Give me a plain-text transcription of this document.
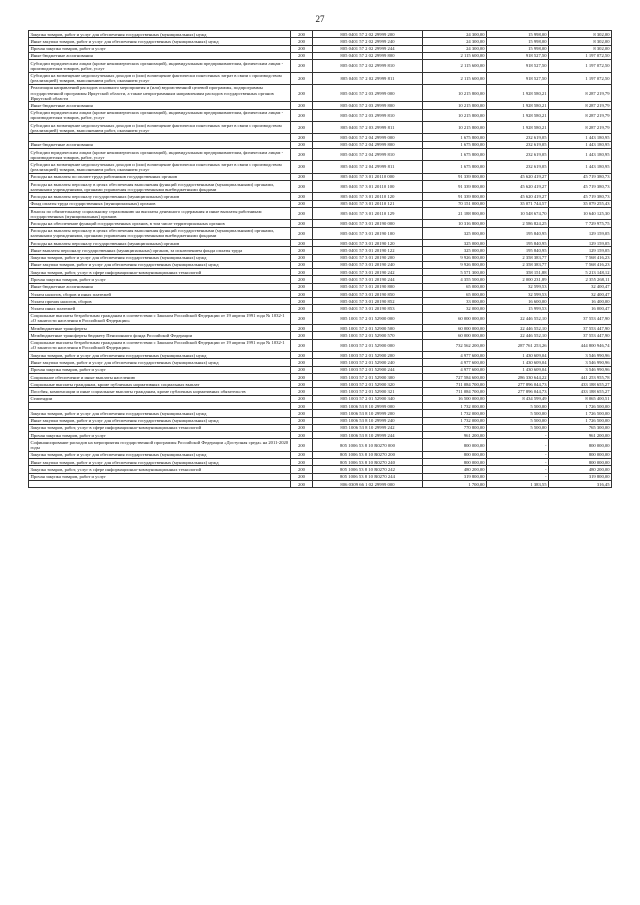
27
Закупка товаров, работ и услуг для обеспечения государственных (муниципальных) нужд	200	805 0401 57 2 02 29999 200	24 300,00	15 998,00	8 302,00
Иные закупки товаров, работ и услуг для обеспечения государственных (муниципальных) нужд	200	805 0401 57 2 02 29999 240	24 300,00	15 998,00	8 302,00
Прочая закупка товаров, работ и услуг	200	805 0401 57 2 02 29999 244	24 300,00	15 998,00	8 302,00
Иные бюджетные ассигнования	200	805 0401 57 2 02 29999 800	2 115 600,00	918 527,50	1 197 072,50
Субсидии юридическим лицам (кроме некоммерческих организаций), индивидуальным предпринимателям, физическим лицам - производителям товаров, работ, услуг	200	805 0401 57 2 02 29999 810	2 115 600,00	918 527,50	1 197 072,50
Субсидии на возмещение недополученных доходов и (или) возмещение фактически понесенных затрат в связи с производством (реализацией) товаров, выполнением работ, оказанием услуг	200	805 0401 57 2 02 29999 811	2 115 600,00	918 527,50	1 197 072,50
Реализация направлений расходов основного мероприятия и (или) ведомственной целевой программы, подпрограммы государственной программы Иркутской области, а также непрограммным направлениям расходов государственных органов Иркутской области	200	805 0401 57 2 03 29999 000	10 215 800,00	1 928 580,21	8 287 219,79
Иные бюджетные ассигнования	200	805 0401 57 2 03 29999 800	10 215 800,00	1 928 580,21	8 287 219,79
Субсидии юридическим лицам (кроме некоммерческих организаций), индивидуальным предпринимателям, физическим лицам - производителям товаров, работ, услуг	200	805 0401 57 2 03 29999 810	10 215 800,00	1 928 580,21	8 287 219,79
Субсидии на возмещение недополученных доходов и (или) возмещение фактически понесенных затрат в связи с производством (реализацией) товаров, выполнением работ, оказанием услуг	200	805 0401 57 2 03 29999 811	10 215 800,00	1 928 580,21	8 287 219,79
	200	805 0401 57 2 04 29999 000	1 675 800,00	232 619,05	1 443 180,95
Иные бюджетные ассигнования	200	805 0401 57 2 04 29999 800	1 675 800,00	232 619,05	1 443 180,95
Субсидии юридическим лицам (кроме некоммерческих организаций), индивидуальным предпринимателям, физическим лицам - производителям товаров, работ, услуг	200	805 0401 57 2 04 29999 810	1 675 800,00	232 619,05	1 443 180,95
Субсидии на возмещение недополученных доходов и (или) возмещение фактически понесенных затрат в связи с производством (реализацией) товаров, выполнением работ, оказанием услуг	200	805 0401 57 2 04 29999 811	1 675 800,00	232 619,05	1 443 180,95
Расходы на выплаты по оплате труда работников государственных органов	200	805 0401 57 3 01 20110 000	91 339 800,00	45 620 419,27	45 719 380,73
Расходы на выплаты персоналу в целях обеспечения выполнения функций государственными (муниципальными) органами, казенными учреждениями, органами управления государственными внебюджетными фондами	200	805 0401 57 3 01 20110 100	91 339 800,00	45 620 419,27	45 719 380,73
Расходы на выплаты персоналу государственных (муниципальных) органов	200	805 0401 57 3 01 20110 120	91 339 800,00	45 620 419,27	45 719 380,73
Фонд оплаты труда государственных (муниципальных) органов	200	805 0401 57 3 01 20110 121	70 151 000,00	35 071 744,57	35 079 255,43
Взносы по обязательному социальному страхованию на выплаты денежного содержания и иные выплаты работникам государственных (муниципальных) органов	200	805 0401 57 3 01 20110 129	21 188 800,00	10 548 674,70	10 640 125,30
Расходы на обеспечение функций государственных органов, в том числе территориальных органов	200	805 0401 57 3 01 20190 000	10 316 800,00	2 586 824,25	7 729 975,75
Расходы на выплаты персоналу в целях обеспечения выполнения функций государственными (муниципальными) органами, казенными учреждениями, органами управления государственными внебюджетными фондами	200	805 0401 57 3 01 20190 100	325 000,00	195 840,95	129 159,05
Расходы на выплаты персоналу государственных (муниципальных) органов	200	805 0401 57 3 01 20190 120	325 000,00	195 840,95	129 159,05
Иные выплаты персоналу государственных (муниципальных) органов, за исключением фонда оплаты труда	200	805 0401 57 3 01 20190 122	325 000,00	195 840,95	129 159,05
Закупка товаров, работ и услуг для обеспечения государственных (муниципальных) нужд	200	805 0401 57 3 01 20190 200	9 926 800,00	2 358 383,77	7 568 416,23
Иные закупки товаров, работ и услуг для обеспечения государственных (муниципальных) нужд	200	805 0401 57 3 01 20190 240	9 926 800,00	2 358 383,77	7 568 416,23
Закупка товаров, работ, услуг в сфере информационно-коммуникационных технологий	200	805 0401 57 3 01 20190 242	5 571 300,00	358 151,88	5 213 148,12
Прочая закупка товаров, работ и услуг	200	805 0401 57 3 01 20190 244	4 355 500,00	2 000 231,89	2 355 268,11
Иные бюджетные ассигнования	200	805 0401 57 3 01 20190 800	65 000,00	32 599,53	32 400,47
Уплата налогов, сборов и иных платежей	200	805 0401 57 3 01 20190 850	65 000,00	32 599,53	32 400,47
Уплата прочих налогов, сборов	200	805 0401 57 3 01 20190 852	33 000,00	16 600,00	16 400,00
Уплата иных платежей	200	805 0401 57 3 01 20190 853	32 000,00	15 999,53	16 000,47
Социальные выплаты безработным гражданам в соответствии с Законом Российской Федерации от 19 апреля 1991 года № 1032-1 «О занятости населения в Российской Федерации»	200	805 1001 57 2 01 52900 000	60 000 000,00	22 446 552,10	37 553 447,90
Межбюджетные трансферты	200	805 1001 57 2 01 52900 500	60 000 000,00	22 446 552,10	37 553 447,90
Межбюджетные трансферты бюджету Пенсионного фонда Российской Федерации	200	805 1001 57 2 01 52900 570	60 000 000,00	22 446 552,10	37 553 447,90
Социальные выплаты безработным гражданам в соответствии с Законом Российской Федерации от 19 апреля 1991 года № 1032-1 «О занятости населения в Российской Федерации»	200	805 1003 57 2 01 52900 000	732 562 200,00	287 761 253,26	444 800 946,74
Закупка товаров, работ и услуг для обеспечения государственных (муниципальных) нужд	200	805 1003 57 2 01 52900 200	4 977 600,00	1 430 609,04	3 546 990,96
Иные закупки товаров, работ и услуг для обеспечения государственных (муниципальных) нужд	200	805 1003 57 2 01 52900 240	4 977 600,00	1 430 609,04	3 546 990,96
Прочая закупка товаров, работ и услуг	200	805 1003 57 2 01 52900 244	4 977 600,00	1 430 609,04	3 546 990,96
Социальное обеспечение и иные выплаты населению	200	805 1003 57 2 01 52900 300	727 584 600,00	286 330 644,22	441 253 955,78
Социальные выплаты гражданам, кроме публичных нормативных социальных выплат	200	805 1003 57 2 01 52900 320	711 084 700,00	277 896 044,73	433 188 655,27
Пособия, компенсации и иные социальные выплаты гражданам, кроме публичных нормативных обязательств	200	805 1003 57 2 01 52900 321	711 084 700,00	277 896 044,73	433 188 655,27
Стипендии	200	805 1003 57 2 01 52900 340	16 500 000,00	8 434 599,49	8 065 400,51
	200	805 1006 53 8 10 29999 000	1 732 000,00	5 500,00	1 726 500,00
Закупка товаров, работ и услуг для обеспечения государственных (муниципальных) нужд	200	805 1006 53 8 10 29999 200	1 732 000,00	5 500,00	1 726 500,00
Иные закупки товаров, работ и услуг для обеспечения государственных (муниципальных) нужд	200	805 1006 53 8 10 29999 240	1 732 000,00	5 500,00	1 726 500,00
Закупка товаров, работ, услуг в сфере информационно-коммуникационных технологий	200	805 1006 53 8 10 29999 242	770 800,00	5 500,00	765 300,00
Прочая закупка товаров, работ и услуг	200	805 1006 53 8 10 29999 244	961 200,00	-	961 200,00
Софинансирование расходов на мероприятия государственной программы Российской Федерации «Доступная среда» на 2011-2020 годы	200	805 1006 53 8 10 R0270 000	800 000,00	-	800 000,00
Закупка товаров, работ и услуг для обеспечения государственных (муниципальных) нужд	200	805 1006 53 8 10 R0270 200	800 000,00	-	800 000,00
Иные закупки товаров, работ и услуг для обеспечения государственных (муниципальных) нужд	200	805 1006 53 8 10 R0270 240	800 000,00	-	800 000,00
Закупка товаров, работ, услуг в сфере информационно-коммуникационных технологий	200	805 1006 53 8 10 R0270 242	480 200,00	-	480 200,00
Прочая закупка товаров, работ и услуг	200	805 1006 53 8 10 R0270 244	319 800,00	-	319 800,00
	200	806 0309 66 1 02 29999 000	1 700,00	1 383,55	316,45
